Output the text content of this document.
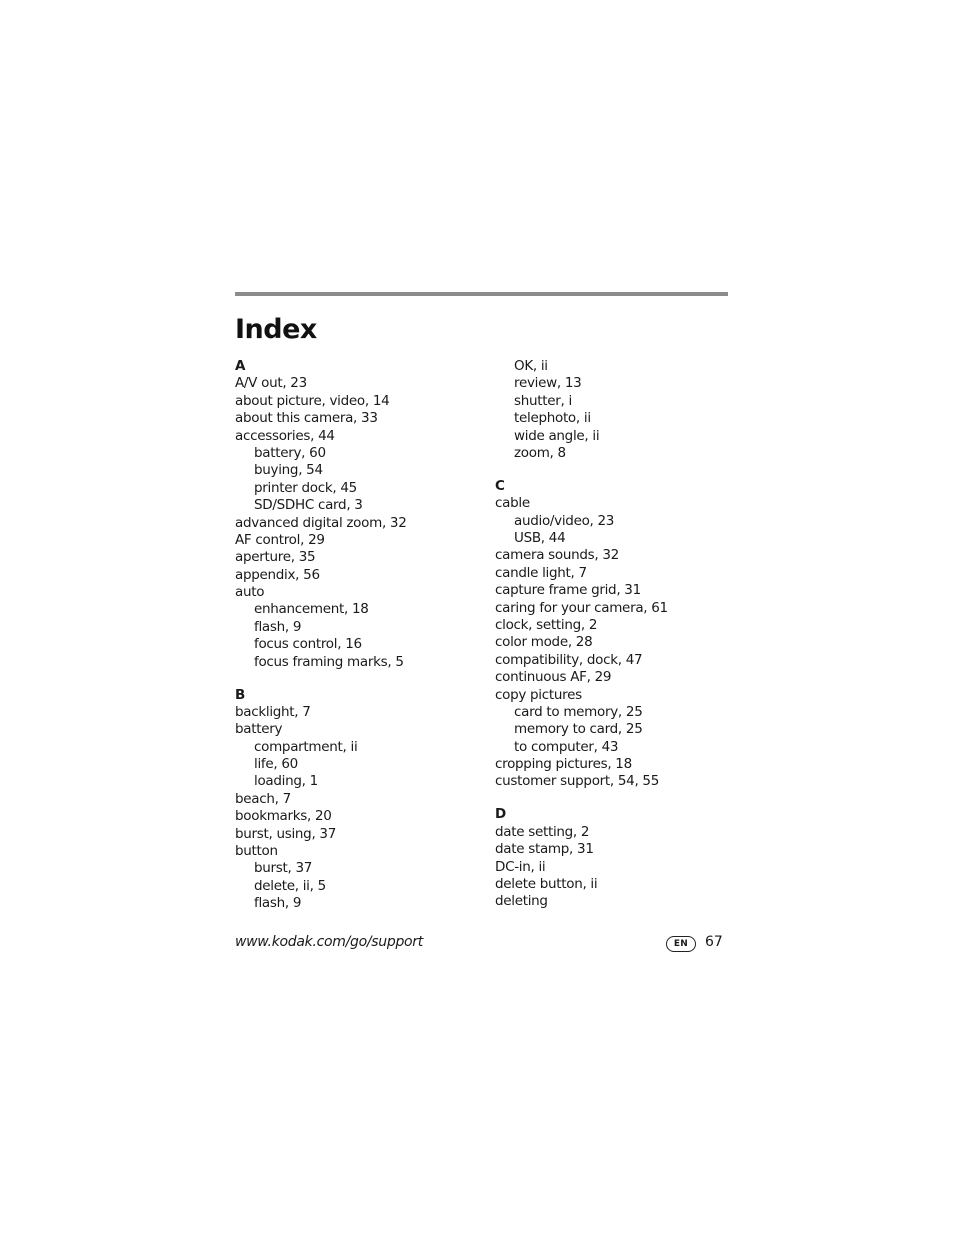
Index
A
A/V out, 23
about picture, video, 14
about this camera, 33
accessories, 44
battery, 60
buying, 54
printer dock, 45
SD/SDHC card, 3
advanced digital zoom, 32
AF control, 29
aperture, 35
appendix, 56
auto
enhancement, 18
flash, 9
focus control, 16
focus framing marks, 5
B
backlight, 7
battery
compartment, ii
life, 60
loading, 1
beach, 7
bookmarks, 20
burst, using, 37
button
burst, 37
delete, ii, 5
flash, 9
OK, ii
review, 13
shutter, i
telephoto, ii
wide angle, ii
zoom, 8
C
cable
audio/video, 23
USB, 44
camera sounds, 32
candle light, 7
capture frame grid, 31
caring for your camera, 61
clock, setting, 2
color mode, 28
compatibility, dock, 47
continuous AF, 29
copy pictures
card to memory, 25
memory to card, 25
to computer, 43
cropping pictures, 18
customer support, 54, 55
D
date setting, 2
date stamp, 31
DC-in, ii
delete button, ii
deleting
www.kodak.com/go/support	EN	67
